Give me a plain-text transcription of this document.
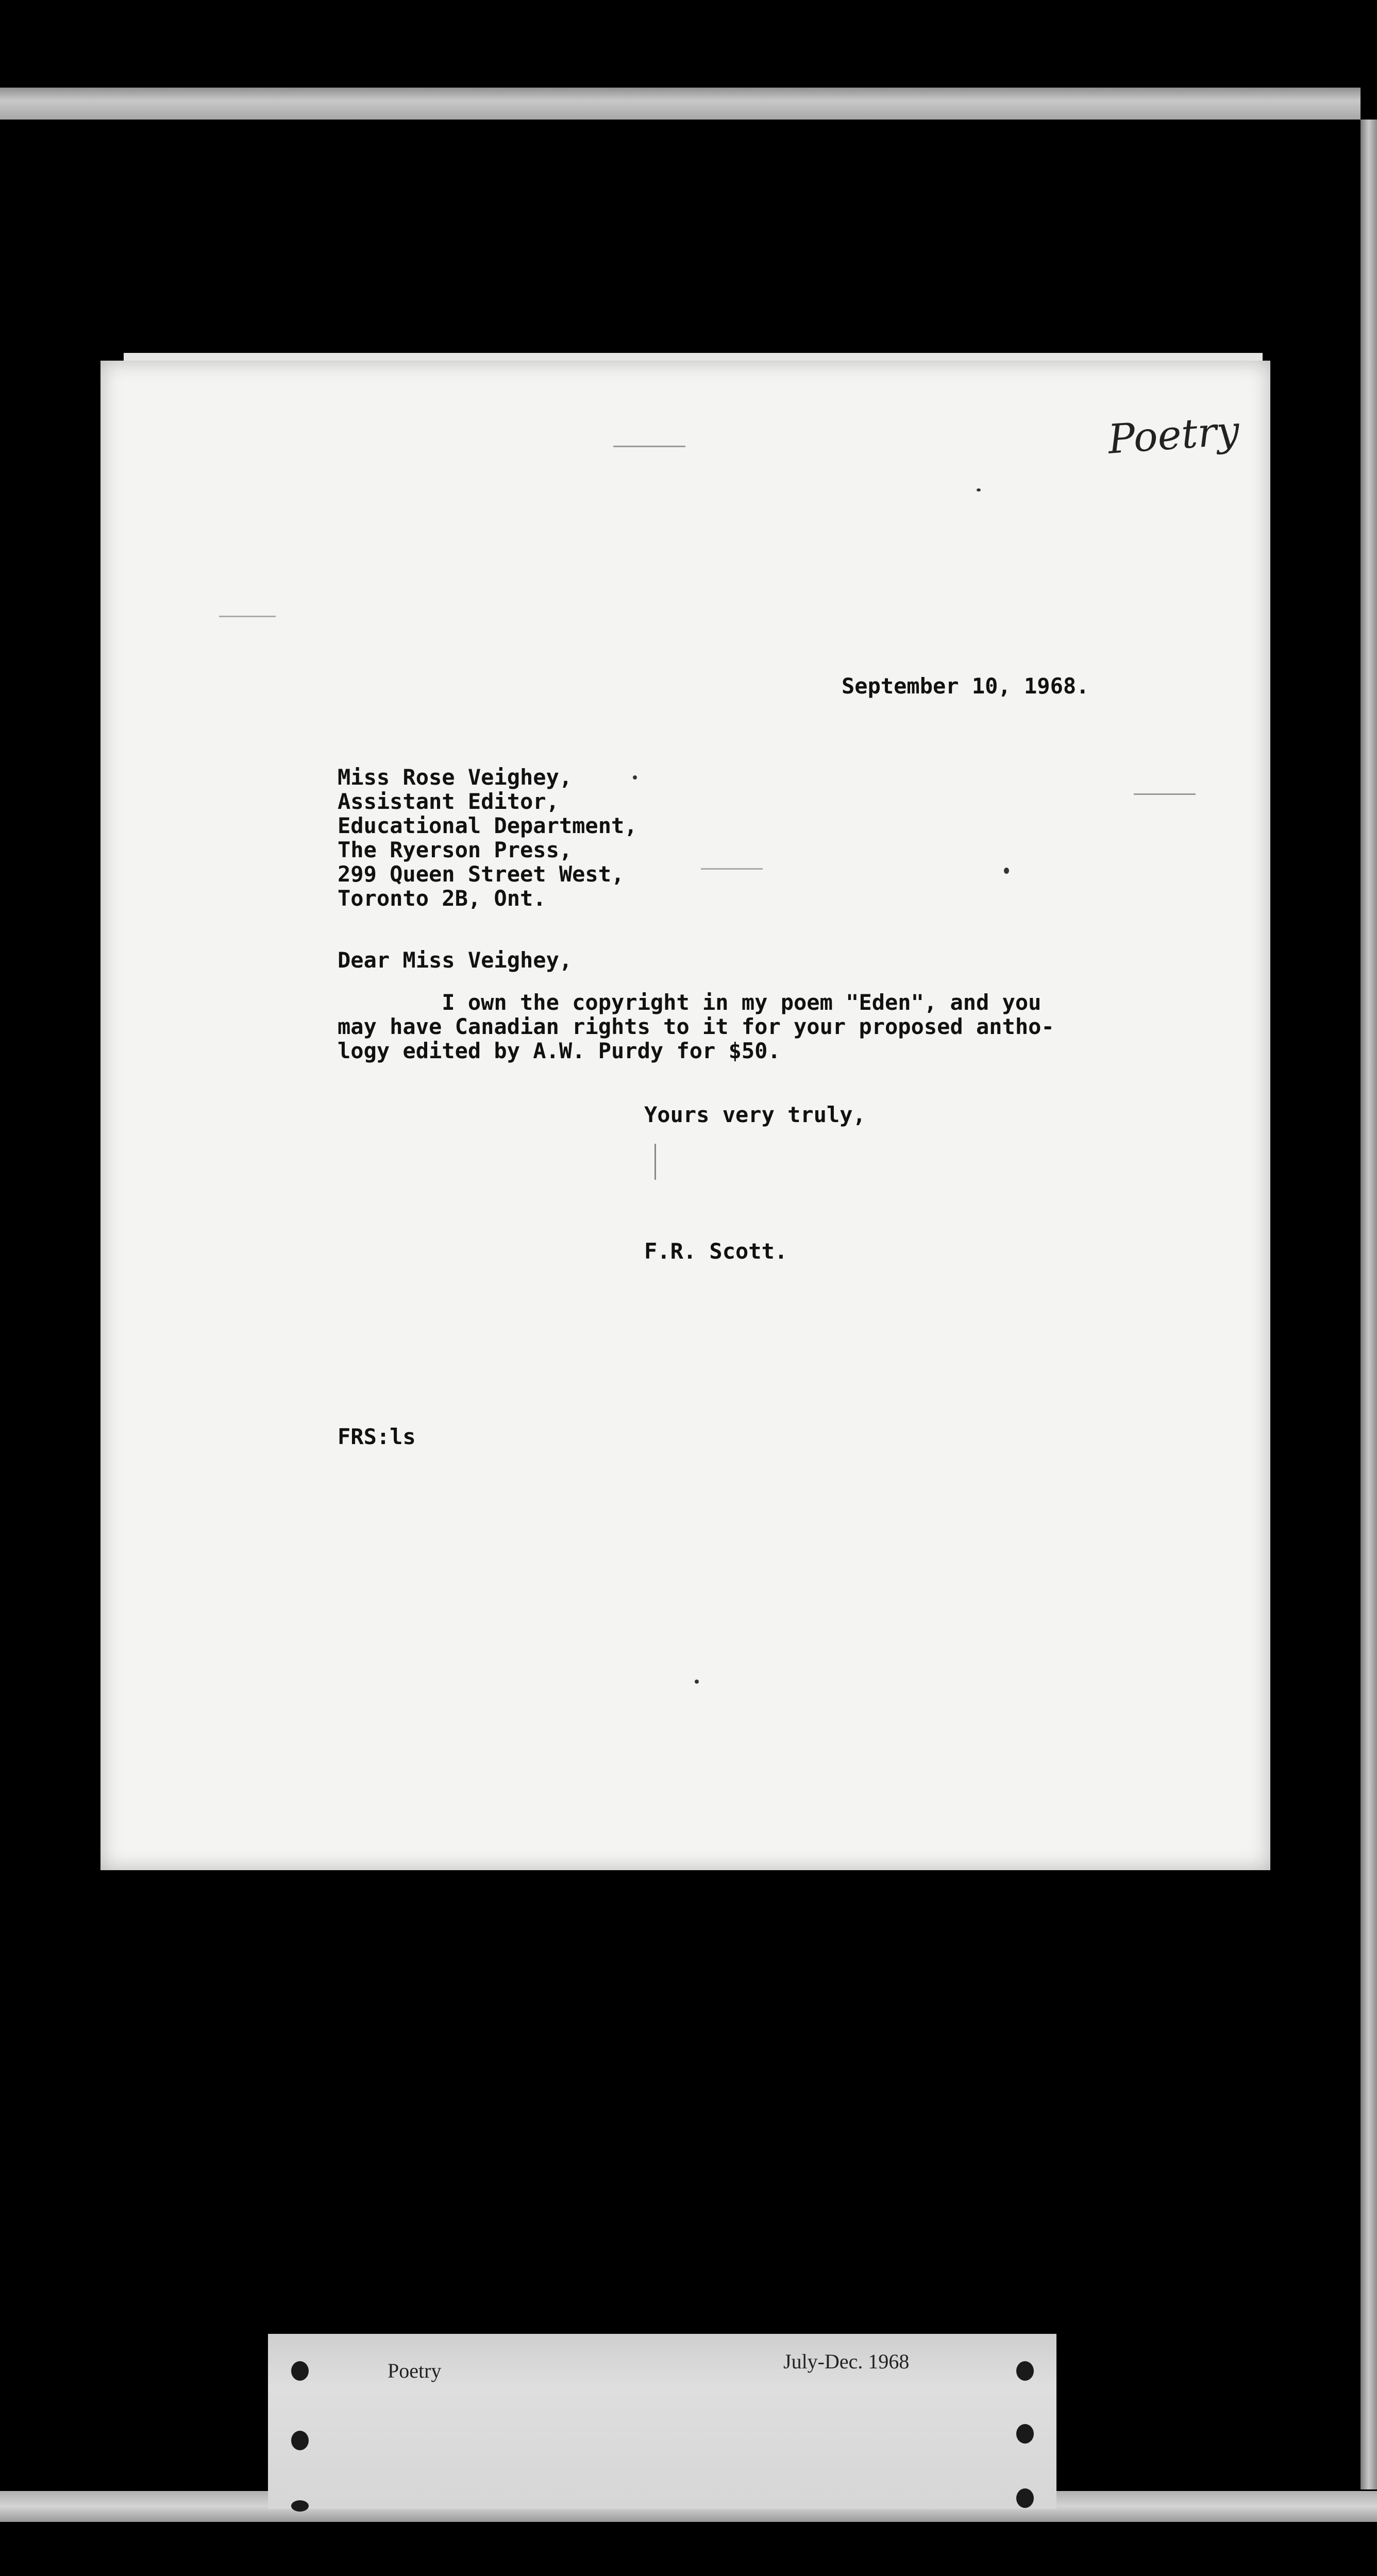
Poetry
September 10, 1968.
Miss Rose Veighey,
Assistant Editor,
Educational Department,
The Ryerson Press,
299 Queen Street West,
Toronto 2B, Ont.
Dear Miss Veighey,
I own the copyright in my poem "Eden", and you
may have Canadian rights to it for your proposed antho-
logy edited by A.W. Purdy for $50.
Yours very truly,
F.R. Scott.
FRS:ls
Poetry	July-Dec. 1968
